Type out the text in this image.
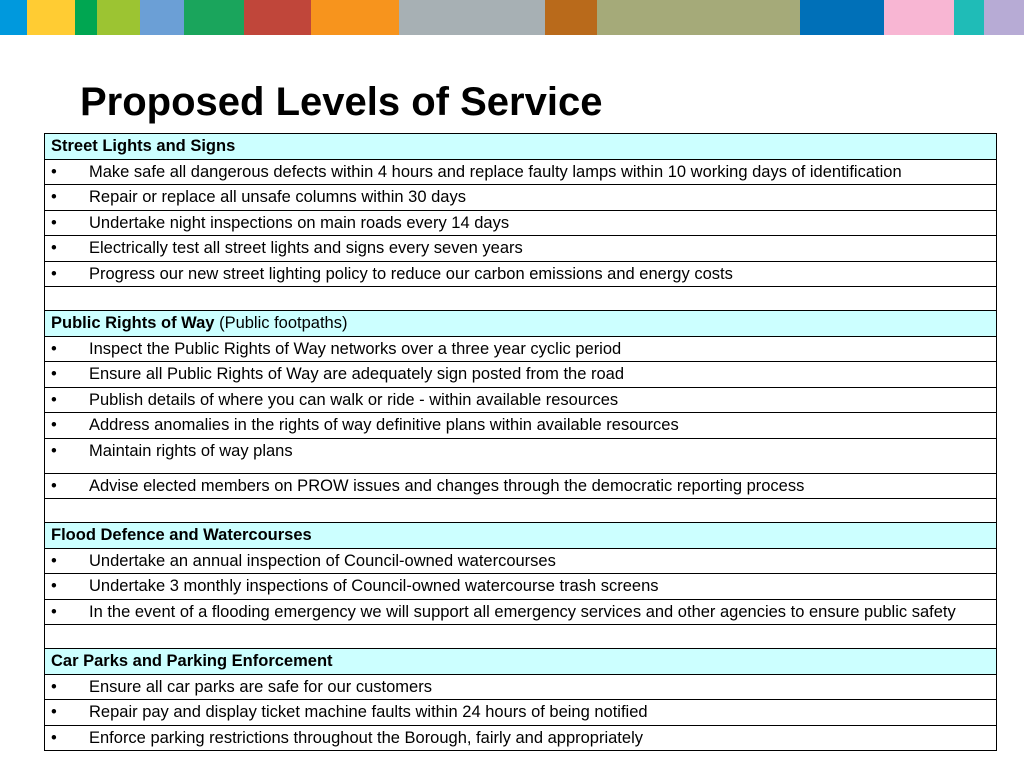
Proposed Levels of Service
Street Lights and Signs

•	Make safe all dangerous defects within 4 hours and replace faulty lamps within 10 working days of identification

•	Repair or replace all unsafe columns within 30 days

•	Undertake night inspections on main roads every 14 days

•	Electrically test all street lights and signs every seven years

•	Progress our new street lighting policy to reduce our carbon emissions and energy costs

Public Rights of Way (Public footpaths)

•	Inspect the Public Rights of Way networks over a three year cyclic period

•	Ensure all Public Rights of Way are adequately sign posted from the road

•	Publish details of where you can walk or ride - within available resources

•	Address anomalies in the rights of way definitive plans within available resources

•	Maintain rights of way plans

•	Advise elected members on PROW issues and changes through the democratic reporting process

Flood Defence and Watercourses

•	Undertake an annual inspection of Council-owned watercourses

•	Undertake 3 monthly inspections of Council-owned watercourse trash screens

•	In the event of a flooding emergency we will support all emergency services and other agencies to ensure public safety

Car Parks and Parking Enforcement

•	Ensure all car parks are safe for our customers

•	Repair pay and display ticket machine faults within 24 hours of being notified

•	Enforce parking restrictions throughout the Borough, fairly and appropriately
